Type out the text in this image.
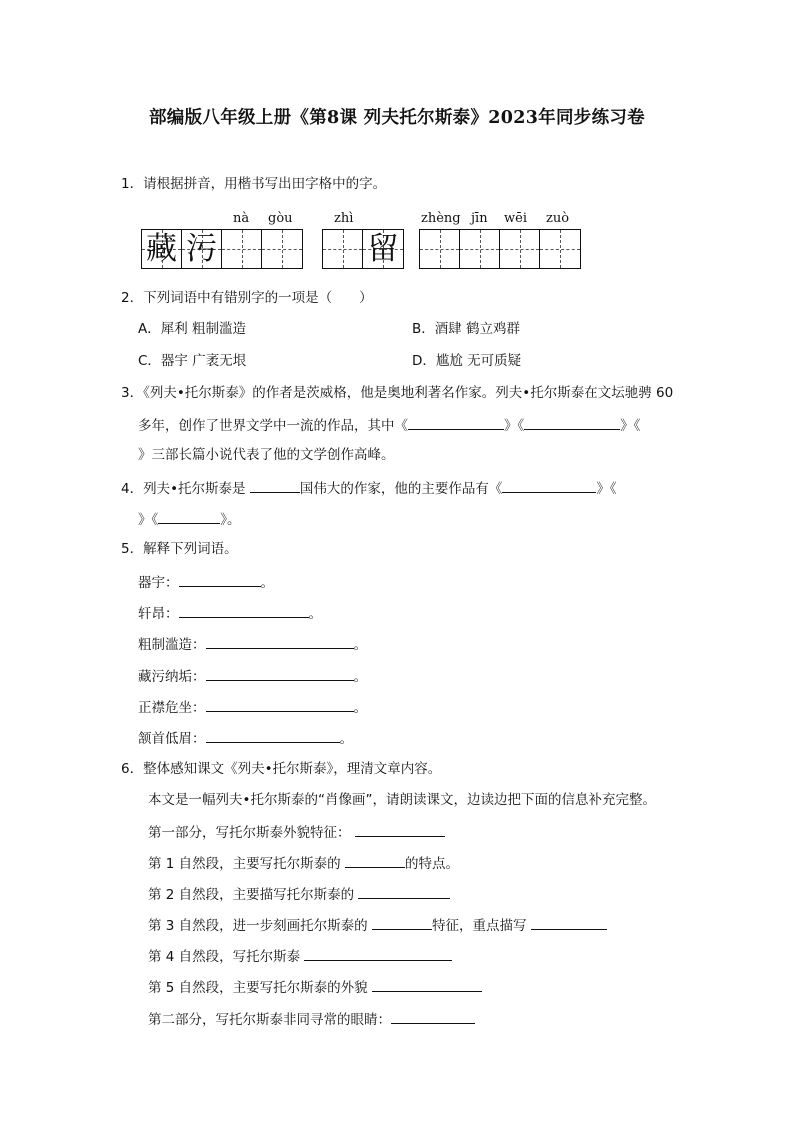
部编版八年级上册《第8课 列夫托尔斯泰》2023年同步练习卷
1．请根据拼音，用楷书写出田字格中的字。
nà gòu	zhì	zhèng jīn wēi zuò
藏 污	留
2．下列词语中有错别字的一项是（　　）
A．犀利 粗制滥造	B．酒肆 鹤立鸡群
C．器宇 广袤无垠	D．尴尬 无可质疑
3．《列夫•托尔斯泰》的作者是茨威格，他是奥地利著名作家。列夫•托尔斯泰在文坛驰骋 60
多年，创作了世界文学中一流的作品，其中《	》《	》《
》三部长篇小说代表了他的文学创作高峰。
4．列夫•托尔斯泰是	国伟大的作家，他的主要作品有《	》《
》《	》。
5．解释下列词语。
器宇：	。
轩昂：	。
粗制滥造：	。
藏污纳垢：	。
正襟危坐：	。
颔首低眉：	。
6．整体感知课文《列夫•托尔斯泰》，理清文章内容。
本文是一幅列夫•托尔斯泰的“肖像画”，请朗读课文，边读边把下面的信息补充完整。
第一部分，写托尔斯泰外貌特征：
第 1 自然段，主要写托尔斯泰的	的特点。
第 2 自然段，主要描写托尔斯泰的
第 3 自然段，进一步刻画托尔斯泰的	特征，重点描写
第 4 自然段，写托尔斯泰
第 5 自然段，主要写托尔斯泰的外貌
第二部分，写托尔斯泰非同寻常的眼睛：
